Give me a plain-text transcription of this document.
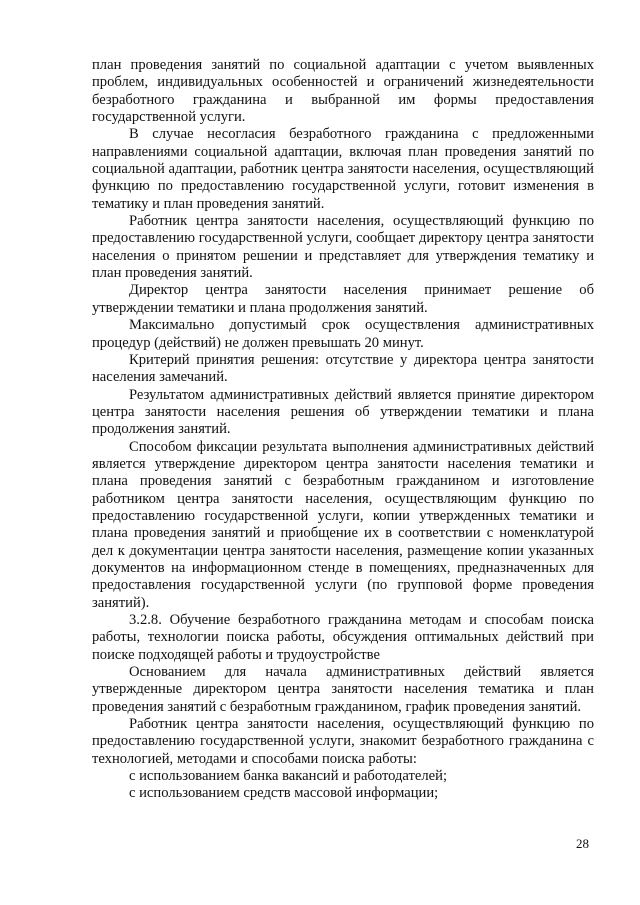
план проведения занятий по социальной адаптации с учетом выявленных проблем, индивидуальных особенностей и ограничений жизнедеятельности безработного гражданина и выбранной им формы предоставления государственной услуги.

В случае несогласия безработного гражданина с предложенными направлениями социальной адаптации, включая план проведения занятий по социальной адаптации, работник центра занятости населения, осуществляющий функцию по предоставлению государственной услуги, готовит изменения в тематику и план проведения занятий.

Работник центра занятости населения, осуществляющий функцию по предоставлению государственной услуги, сообщает директору центра занятости населения о принятом решении и представляет для утверждения тематику и план проведения занятий.

Директор центра занятости населения принимает решение об утверждении тематики и плана продолжения занятий.

Максимально допустимый срок осуществления административных процедур (действий) не должен превышать 20 минут.

Критерий принятия решения: отсутствие у директора центра занятости населения замечаний.

Результатом административных действий является принятие директором центра занятости населения решения об утверждении тематики и плана продолжения занятий.

Способом фиксации результата выполнения административных действий является утверждение директором центра занятости населения тематики и плана проведения занятий с безработным гражданином и изготовление работником центра занятости населения, осуществляющим функцию по предоставлению государственной услуги, копии утвержденных тематики и плана проведения занятий и приобщение их в соответствии с номенклатурой дел к документации центра занятости населения, размещение копии указанных документов на информационном стенде в помещениях, предназначенных для предоставления государственной услуги (по групповой форме проведения занятий).

3.2.8. Обучение безработного гражданина методам и способам поиска работы, технологии поиска работы, обсуждения оптимальных действий при поиске подходящей работы и трудоустройстве

Основанием для начала административных действий является утвержденные директором центра занятости населения тематика и план проведения занятий с безработным гражданином, график проведения занятий.

Работник центра занятости населения, осуществляющий функцию по предоставлению государственной услуги, знакомит безработного гражданина с технологией, методами и способами поиска работы:

с использованием банка вакансий и работодателей;

с использованием средств массовой информации;

28
